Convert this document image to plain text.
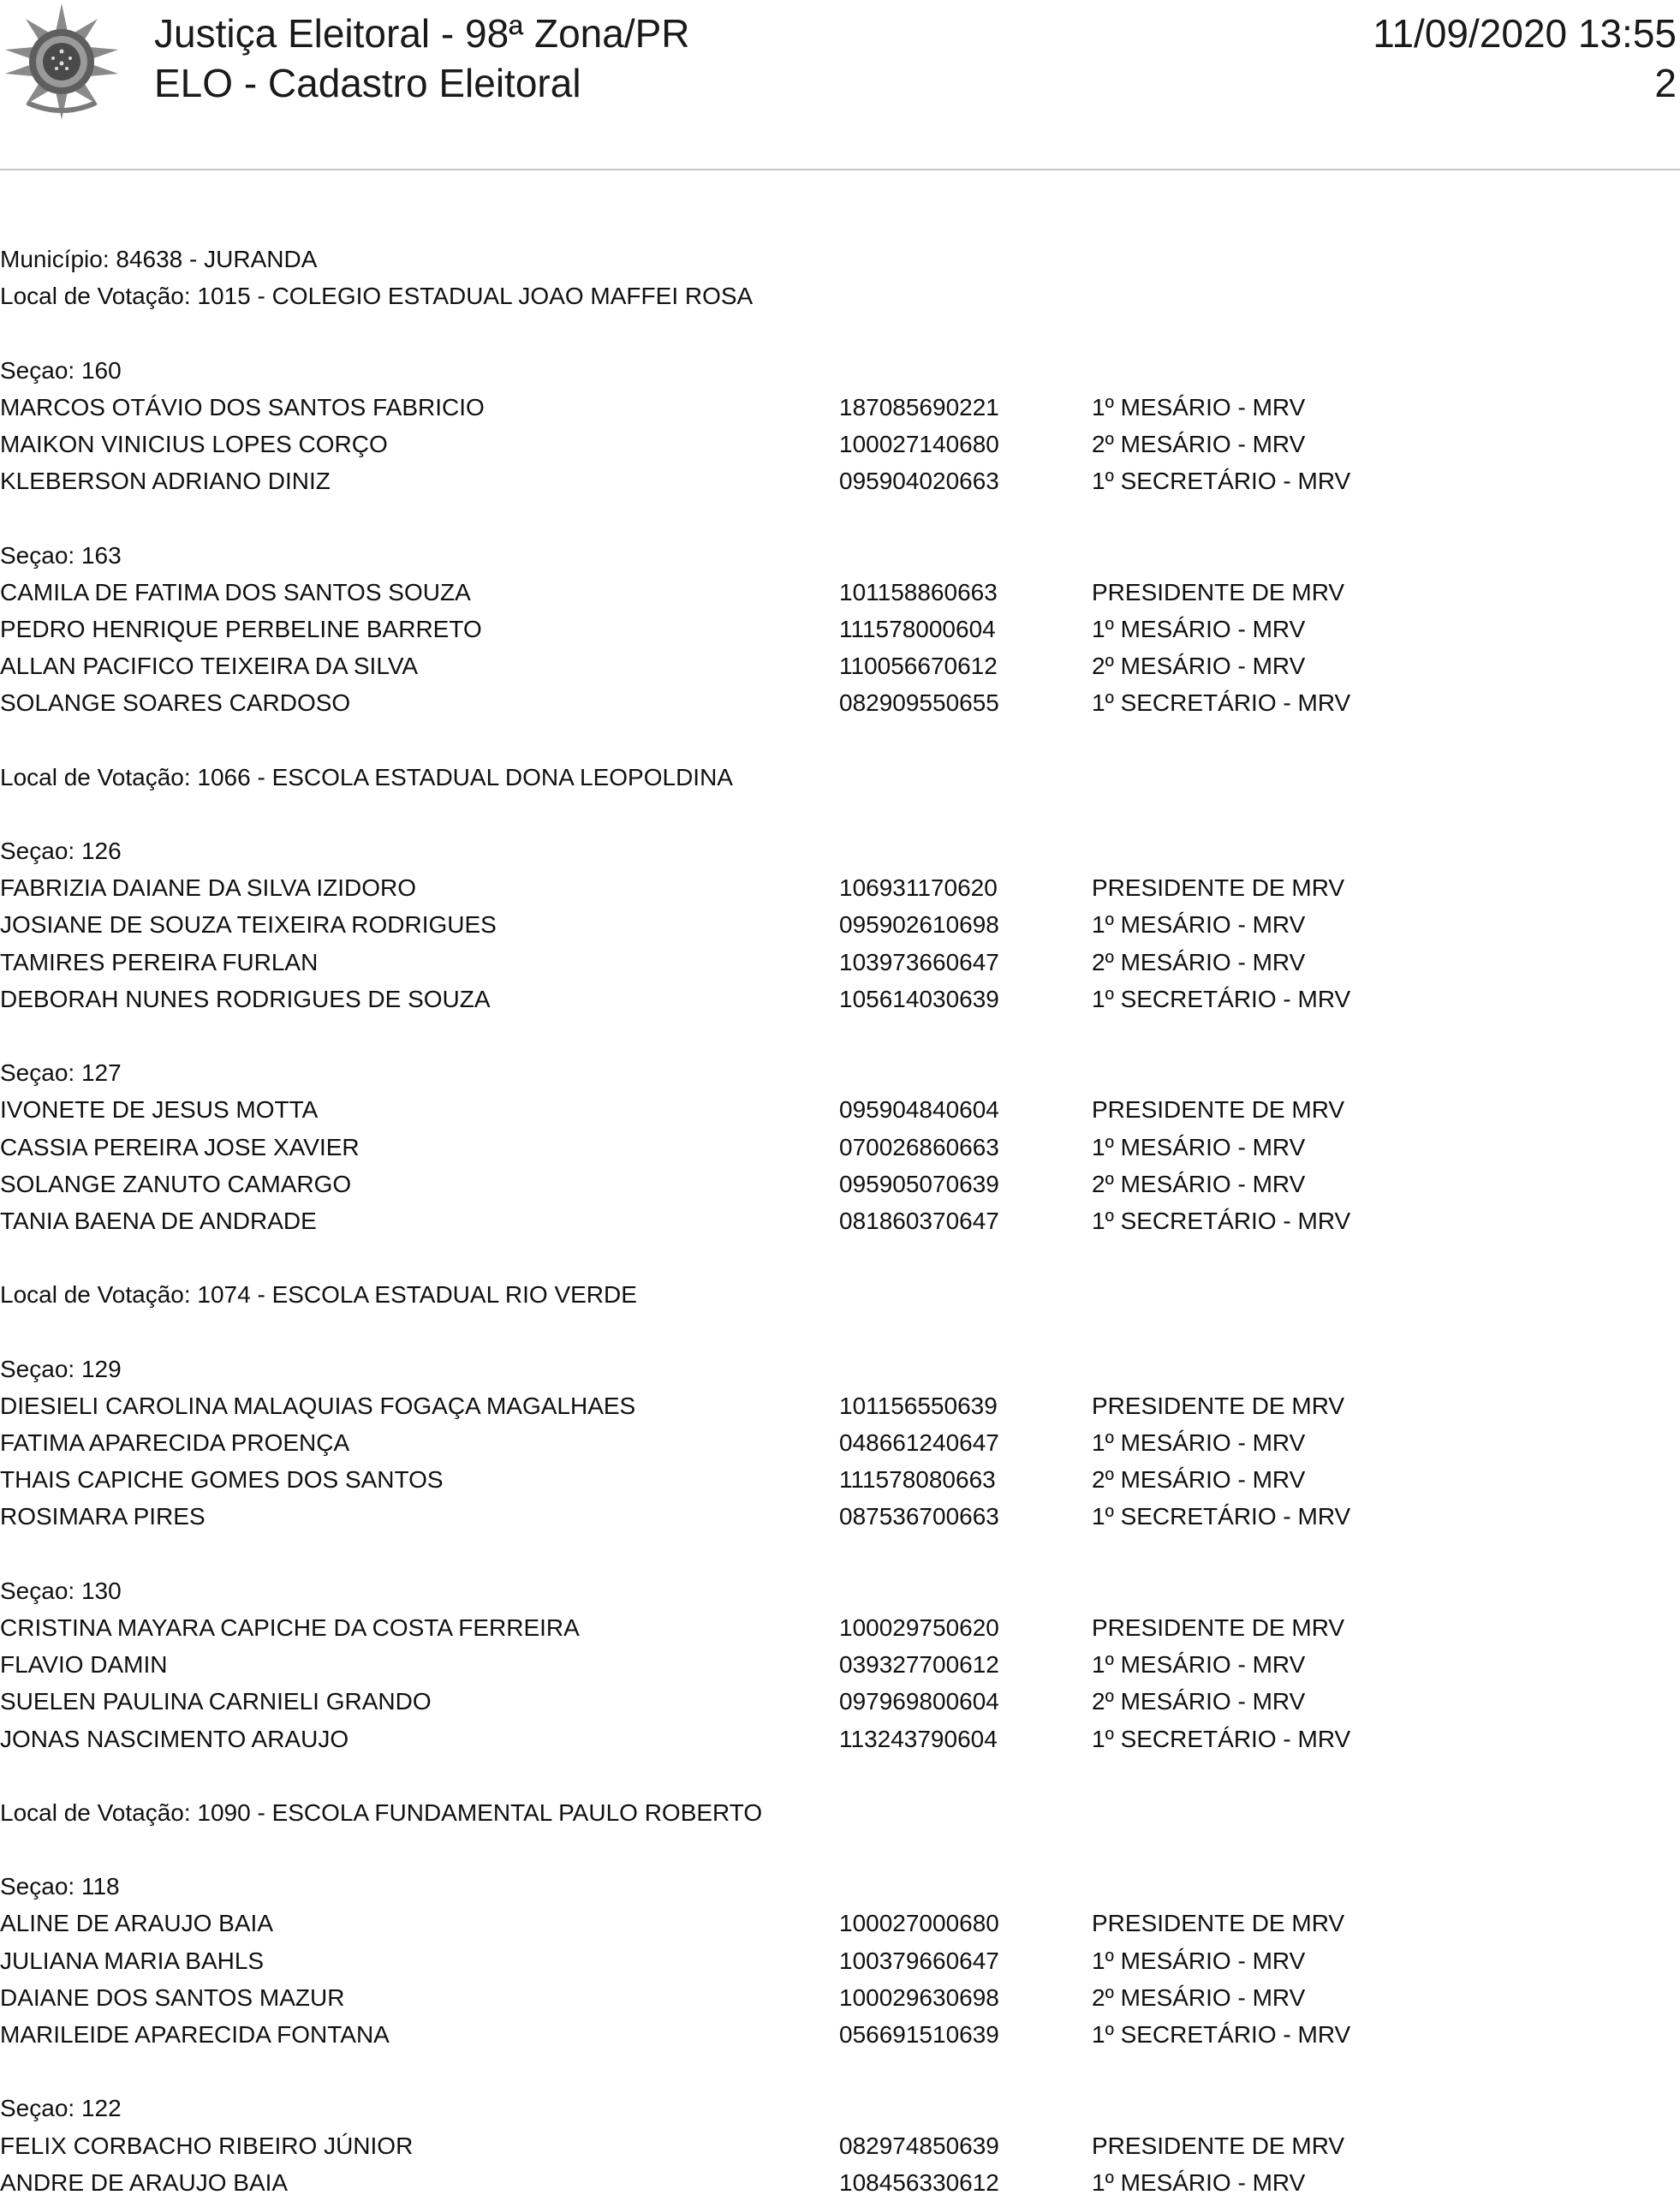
Justiça Eleitoral - 98ª Zona/PR
ELO - Cadastro Eleitoral
11/09/2020 13:55
2
Município: 84638 - JURANDA
Local de Votação: 1015 - COLEGIO ESTADUAL JOAO MAFFEI ROSA
Seçao: 160
MARCOS OTÁVIO DOS SANTOS FABRICIO	187085690221	1º MESÁRIO - MRV
MAIKON VINICIUS LOPES CORÇO	100027140680	2º MESÁRIO - MRV
KLEBERSON ADRIANO DINIZ	095904020663	1º SECRETÁRIO - MRV
Seçao: 163
CAMILA DE FATIMA DOS SANTOS SOUZA	101158860663	PRESIDENTE DE MRV
PEDRO HENRIQUE PERBELINE BARRETO	111578000604	1º MESÁRIO - MRV
ALLAN PACIFICO TEIXEIRA DA SILVA	110056670612	2º MESÁRIO - MRV
SOLANGE SOARES CARDOSO	082909550655	1º SECRETÁRIO - MRV
Local de Votação: 1066 - ESCOLA ESTADUAL DONA LEOPOLDINA
Seçao: 126
FABRIZIA DAIANE DA SILVA IZIDORO	106931170620	PRESIDENTE DE MRV
JOSIANE DE SOUZA TEIXEIRA RODRIGUES	095902610698	1º MESÁRIO - MRV
TAMIRES PEREIRA FURLAN	103973660647	2º MESÁRIO - MRV
DEBORAH NUNES RODRIGUES DE SOUZA	105614030639	1º SECRETÁRIO - MRV
Seçao: 127
IVONETE DE JESUS MOTTA	095904840604	PRESIDENTE DE MRV
CASSIA PEREIRA JOSE XAVIER	070026860663	1º MESÁRIO - MRV
SOLANGE ZANUTO CAMARGO	095905070639	2º MESÁRIO - MRV
TANIA BAENA DE ANDRADE	081860370647	1º SECRETÁRIO - MRV
Local de Votação: 1074 - ESCOLA ESTADUAL RIO VERDE
Seçao: 129
DIESIELI CAROLINA MALAQUIAS FOGAÇA MAGALHAES	101156550639	PRESIDENTE DE MRV
FATIMA APARECIDA PROENÇA	048661240647	1º MESÁRIO - MRV
THAIS CAPICHE GOMES DOS SANTOS	111578080663	2º MESÁRIO - MRV
ROSIMARA PIRES	087536700663	1º SECRETÁRIO - MRV
Seçao: 130
CRISTINA MAYARA CAPICHE DA COSTA FERREIRA	100029750620	PRESIDENTE DE MRV
FLAVIO DAMIN	039327700612	1º MESÁRIO - MRV
SUELEN PAULINA CARNIELI GRANDO	097969800604	2º MESÁRIO - MRV
JONAS NASCIMENTO ARAUJO	113243790604	1º SECRETÁRIO - MRV
Local de Votação: 1090 - ESCOLA FUNDAMENTAL PAULO ROBERTO
Seçao: 118
ALINE DE ARAUJO BAIA	100027000680	PRESIDENTE DE MRV
JULIANA MARIA BAHLS	100379660647	1º MESÁRIO - MRV
DAIANE DOS SANTOS MAZUR	100029630698	2º MESÁRIO - MRV
MARILEIDE APARECIDA FONTANA	056691510639	1º SECRETÁRIO - MRV
Seçao: 122
FELIX CORBACHO RIBEIRO JÚNIOR	082974850639	PRESIDENTE DE MRV
ANDRE DE ARAUJO BAIA	108456330612	1º MESÁRIO - MRV
